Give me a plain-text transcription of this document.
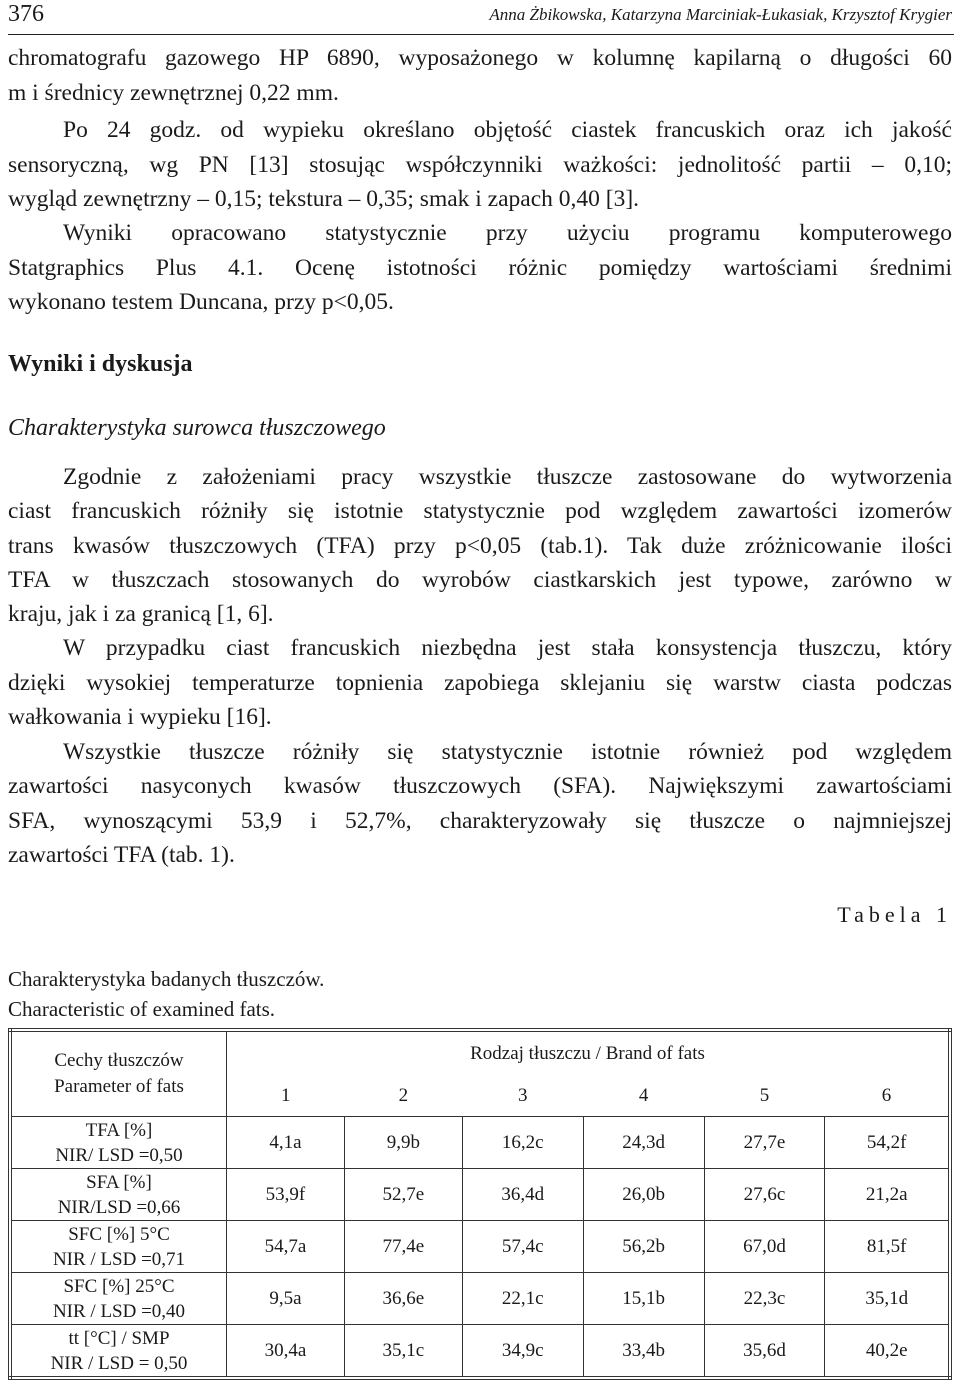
376	Anna Żbikowska, Katarzyna Marciniak-Łukasiak, Krzysztof Krygier
chromatografu gazowego HP 6890, wyposażonego w kolumnę kapilarną o długości 60
m i średnicy zewnętrznej 0,22 mm.
Po 24 godz. od wypieku określano objętość ciastek francuskich oraz ich jakość
sensoryczną, wg PN [13] stosując współczynniki ważkości: jednolitość partii – 0,10;
wygląd zewnętrzny – 0,15; tekstura – 0,35; smak i zapach 0,40 [3].
Wyniki opracowano statystycznie przy użyciu programu komputerowego
Statgraphics Plus 4.1. Ocenę istotności różnic pomiędzy wartościami średnimi
wykonano testem Duncana, przy p<0,05.
Wyniki i dyskusja
Charakterystyka surowca tłuszczowego
Zgodnie z założeniami pracy wszystkie tłuszcze zastosowane do wytworzenia
ciast francuskich różniły się istotnie statystycznie pod względem zawartości izomerów
trans kwasów tłuszczowych (TFA) przy p<0,05 (tab.1). Tak duże zróżnicowanie ilości
TFA w tłuszczach stosowanych do wyrobów ciastkarskich jest typowe, zarówno w
kraju, jak i za granicą [1, 6].
W przypadku ciast francuskich niezbędna jest stała konsystencja tłuszczu, który
dzięki wysokiej temperaturze topnienia zapobiega sklejaniu się warstw ciasta podczas
wałkowania i wypieku [16].
Wszystkie tłuszcze różniły się statystycznie istotnie również pod względem
zawartości nasyconych kwasów tłuszczowych (SFA). Największymi zawartościami
SFA, wynoszącymi 53,9 i 52,7%, charakteryzowały się tłuszcze o najmniejszej
zawartości TFA (tab. 1).
Tabela 1
Charakterystyka badanych tłuszczów.
Characteristic of examined fats.
Cechy tłuszczów
Parameter of fats	Rodzaj tłuszczu / Brand of fats					
	1	2	3	4	5	6

TFA [%]
NIR/ LSD =0,50	4,1a	9,9b	16,2c	24,3d	27,7e	54,2f

SFA [%]
NIR/LSD =0,66	53,9f	52,7e	36,4d	26,0b	27,6c	21,2a

SFC [%] 5°C
NIR / LSD =0,71	54,7a	77,4e	57,4c	56,2b	67,0d	81,5f

SFC [%] 25°C
NIR / LSD =0,40	9,5a	36,6e	22,1c	15,1b	22,3c	35,1d

tt [°C] / SMP
NIR / LSD = 0,50	30,4a	35,1c	34,9c	33,4b	35,6d	40,2e
